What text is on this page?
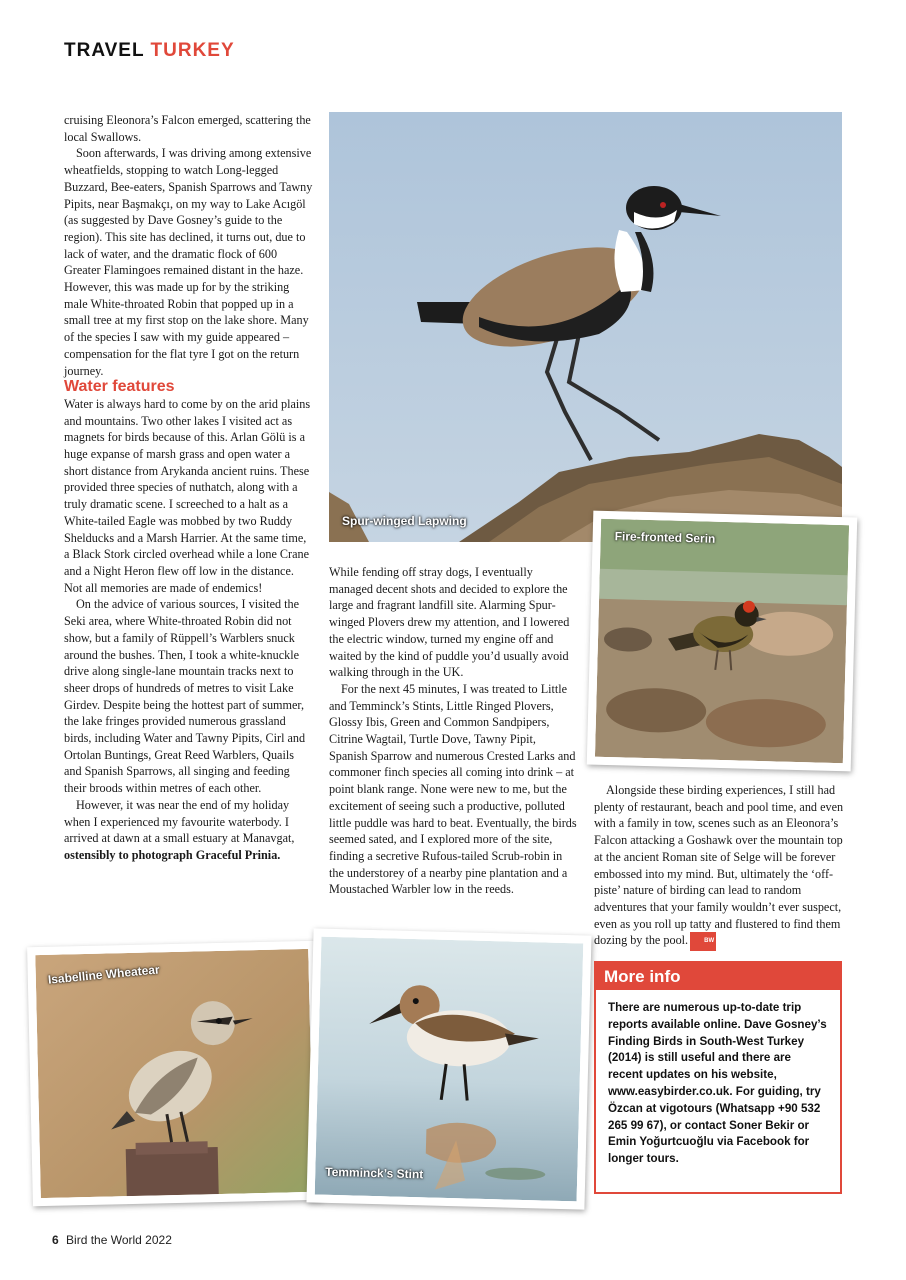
TRAVEL TURKEY

cruising Eleonora’s Falcon emerged, scattering the local Swallows.

Soon afterwards, I was driving among extensive wheatfields, stopping to watch Long-legged Buzzard, Bee-eaters, Spanish Sparrows and Tawny Pipits, near Başmakçı, on my way to Lake Acıgöl (as suggested by Dave Gosney’s guide to the region). This site has declined, it turns out, due to lack of water, and the dramatic flock of 600 Greater Flamingoes remained distant in the haze. However, this was made up for by the striking male White-throated Robin that popped up in a small tree at my first stop on the lake shore. Many of the species I saw with my guide appeared – compensation for the flat tyre I got on the return journey.

Water features

Water is always hard to come by on the arid plains and mountains. Two other lakes I visited act as magnets for birds because of this. Arlan Gölü is a huge expanse of marsh grass and open water a short distance from Arykanda ancient ruins. These provided three species of nuthatch, along with a truly dramatic scene. I screeched to a halt as a White-tailed Eagle was mobbed by two Ruddy Shelducks and a Marsh Harrier. At the same time, a Black Stork circled overhead while a lone Crane and a Night Heron flew off low in the distance. Not all memories are made of endemics!

On the advice of various sources, I visited the Seki area, where White-throated Robin did not show, but a family of Rüppell’s Warblers snuck around the bushes. Then, I took a white-knuckle drive along single-lane mountain tracks next to sheer drops of hundreds of metres to visit Lake Girdev. Despite being the hottest part of summer, the lake fringes provided numerous grassland birds, including Water and Tawny Pipits, Cirl and Ortolan Buntings, Great Reed Warblers, Quails and Spanish Sparrows, all singing and feeding their broods within metres of each other.

However, it was near the end of my holiday when I experienced my favourite waterbody. I arrived at dawn at a small estuary at Manavgat, ostensibly to photograph Graceful Prinia.

While fending off stray dogs, I eventually managed decent shots and decided to explore the large and fragrant landfill site. Alarming Spur-winged Plovers drew my attention, and I lowered the electric window, turned my engine off and waited by the kind of puddle you’d usually avoid walking through in the UK.

For the next 45 minutes, I was treated to Little and Temminck’s Stints, Little Ringed Plovers, Glossy Ibis, Green and Common Sandpipers, Citrine Wagtail, Turtle Dove, Tawny Pipit, Spanish Sparrow and numerous Crested Larks and commoner finch species all coming into drink – at point blank range. None were new to me, but the excitement of seeing such a productive, polluted little puddle was hard to beat. Eventually, the birds seemed sated, and I explored more of the site, finding a secretive Rufous-tailed Scrub-robin in the understorey of a nearby pine plantation and a Moustached Warbler low in the reeds.

Alongside these birding experiences, I still had plenty of restaurant, beach and pool time, and even with a family in tow, scenes such as an Eleonora’s Falcon attacking a Goshawk over the mountain top at the ancient Roman site of Selge will be forever embossed into my mind. But, ultimately the ‘off-piste’ nature of birding can lead to random adventures that your family wouldn’t ever suspect, even as you roll up tatty and flustered to find them dozing by the pool.	BW

Spur-winged Lapwing
Fire-fronted Serin
Isabelline Wheatear
Temminck’s Stint
More info
There are numerous up-to-date trip reports available online. Dave Gosney’s Finding Birds in South-West Turkey (2014) is still useful and there are recent updates on his website, www.easybirder.co.uk. For guiding, try Özcan at vigotours (Whatsapp +90 532 265 99 67), or contact Soner Bekir or Emin Yoğurtcuoğlu via Facebook for longer tours.
6 Bird the World 2022
